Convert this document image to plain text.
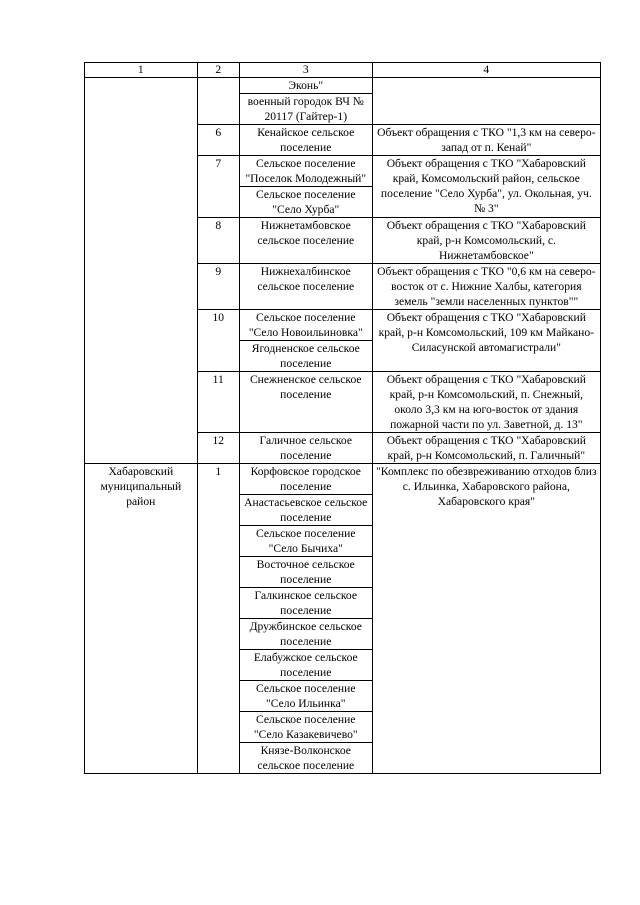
1	2	3	4
		Эконь"	
		военный городок ВЧ № 20117 (Гайтер-1)	
	6	Кенайское сельское поселение	Объект обращения с ТКО "1,3 км на северо-запад от п. Кенай"
	7	Сельское поселение "Поселок Молодежный"	Объект обращения с ТКО "Хабаровский край, Комсомольский район, сельское поселение "Село Хурба", ул. Окольная, уч. № 3"
		Сельское поселение "Село Хурба"	
	8	Нижнетамбовское сельское поселение	Объект обращения с ТКО "Хабаровский край, р-н Комсомольский, с. Нижнетамбовское"
	9	Нижнехалбинское сельское поселение	Объект обращения с ТКО "0,6 км на северо-восток от с. Нижние Халбы, категория земель "земли населенных пунктов""
	10	Сельское поселение "Село Новоильиновка"	Объект обращения с ТКО "Хабаровский край, р-н Комсомольский, 109 км Майкано-Силасунской автомагистрали"
		Ягодненское сельское поселение	
	11	Снежненское сельское поселение	Объект обращения с ТКО "Хабаровский край, р-н Комсомольский, п. Снежный, около 3,3 км на юго-восток от здания пожарной части по ул. Заветной, д. 13"
	12	Галичное сельское поселение	Объект обращения с ТКО "Хабаровский край, р-н Комсомольский, п. Галичный"
Хабаровский муниципальный район	1	Корфовское городское поселение	"Комплекс по обезвреживанию отходов близ с. Ильинка, Хабаровского района, Хабаровского края"
		Анастасьевское сельское поселение	
		Сельское поселение "Село Бычиха"	
		Восточное сельское поселение	
		Галкинское сельское поселение	
		Дружбинское сельское поселение	
		Елабужское сельское поселение	
		Сельское поселение "Село Ильинка"	
		Сельское поселение "Село Казакевичево"	
		Князе-Волконское сельское поселение	
